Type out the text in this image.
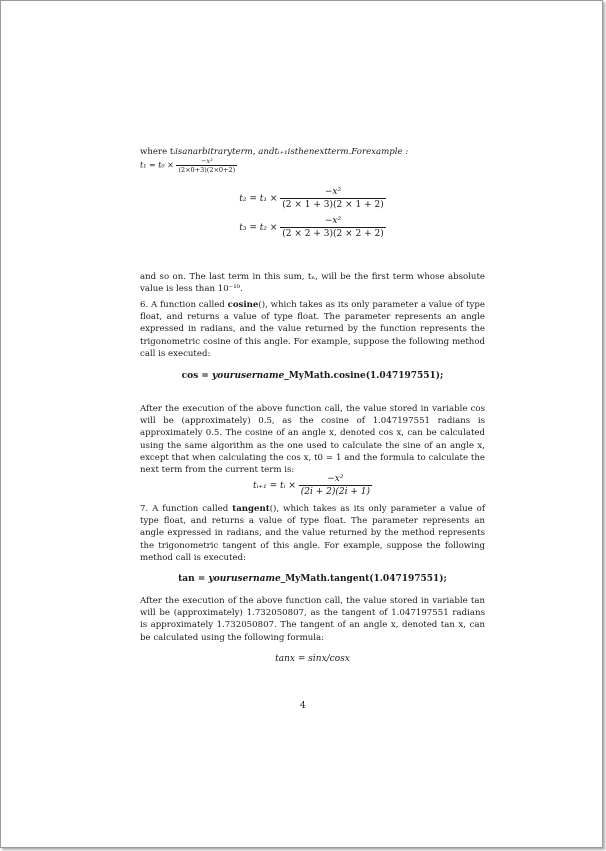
where tᵢisanarbitraryterm, andtᵢ₊₁isthenextterm.Forexample :
$t_1 = t_0 \times \frac{\text{−x²}}{(2\times 0+3)(2\times 0+2)}$
$t_2 = t_1 \times \frac{\text{−x²}}{(2 \times 1 + 3)(2 \times 1 + 2)}$
$t_3 = t_2 \times \frac{\text{−x²}}{(2 \times 2 + 3)(2 \times 2 + 2)}$
and so on. The last term in this sum, tₙ, will be the first term whose absolute value is less than 10⁻¹⁰.
6. A function called cosine(), which takes as its only parameter a value of type float, and returns a value of type float. The parameter represents an angle expressed in radians, and the value returned by the function represents the trigonometric cosine of this angle. For example, suppose the following method call is executed:
cos = yourusername_MyMath.cosine(1.047197551);
After the execution of the above function call, the value stored in variable cos will be (approximately) 0.5, as the cosine of 1.047197551 radians is approximately 0.5. The cosine of an angle x, denoted cos x, can be calculated using the same algorithm as the one used to calculate the sine of an angle x, except that when calculating the cos x, t0 = 1 and the formula to calculate the next term from the current term is:
tᵢ₊₁ = tᵢ × $\frac{\text{−x²}}{(2i + 2)(2i + 1)}$
7. A function called tangent(), which takes as its only parameter a value of type float, and returns a value of type float. The parameter represents an angle expressed in radians, and the value returned by the method represents the trigonometric tangent of this angle. For example, suppose the following method call is executed:
tan = yourusername_MyMath.tangent(1.047197551);
After the execution of the above function call, the value stored in variable tan will be (approximately) 1.732050807, as the tangent of 1.047197551 radians is approximately 1.732050807. The tangent of an angle x, denoted tan x, can be calculated using the following formula:
tanx = sinx/cosx
4
